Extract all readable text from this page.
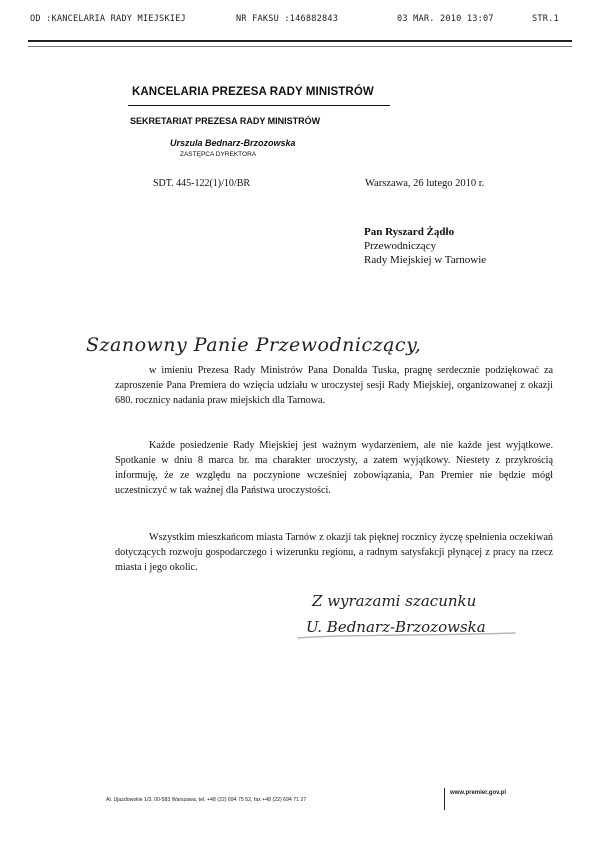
OD :KANCELARIA RADY MIEJSKIEJ	NR FAKSU :146882843	03 MAR. 2010 13:07	STR.1
KANCELARIA PREZESA RADY MINISTRÓW
SEKRETARIAT PREZESA RADY MINISTRÓW
Urszula Bednarz-Brzozowska
ZASTĘPCA DYREKTORA
SDT. 445-122(1)/10/BR	Warszawa, 26 lutego 2010 r.
Pan Ryszard Żądło
Przewodniczący
Rady Miejskiej w Tarnowie
Szanowny Panie Przewodniczący,

w imieniu Prezesa Rady Ministrów Pana Donalda Tuska, pragnę serdecznie podziękować za zaproszenie Pana Premiera do wzięcia udziału w uroczystej sesji Rady Miejskiej, organizowanej z okazji 680. rocznicy nadania praw miejskich dla Tarnowa.

Każde posiedzenie Rady Miejskiej jest ważnym wydarzeniem, ale nie każde jest wyjątkowe. Spotkanie w dniu 8 marca br. ma charakter uroczysty, a zatem wyjątkowy. Niestety z przykrością informuję, że ze względu na poczynione wcześniej zobowiązania, Pan Premier nie będzie mógł uczestniczyć w tak ważnej dla Państwa uroczystości.

Wszystkim mieszkańcom miasta Tarnów z okazji tak pięknej rocznicy życzę spełnienia oczekiwań dotyczących rozwoju gospodarczego i wizerunku regionu, a radnym satysfakcji płynącej z pracy na rzecz miasta i jego okolic.

Z wyrazami szacunku
U. Bednarz-Brzozowska
Al. Ujazdowskie 1/3, 00-583 Warszawa, tel. +48 (22) 694 75 52, fax +48 (22) 694 71 27
www.premier.gov.pl
